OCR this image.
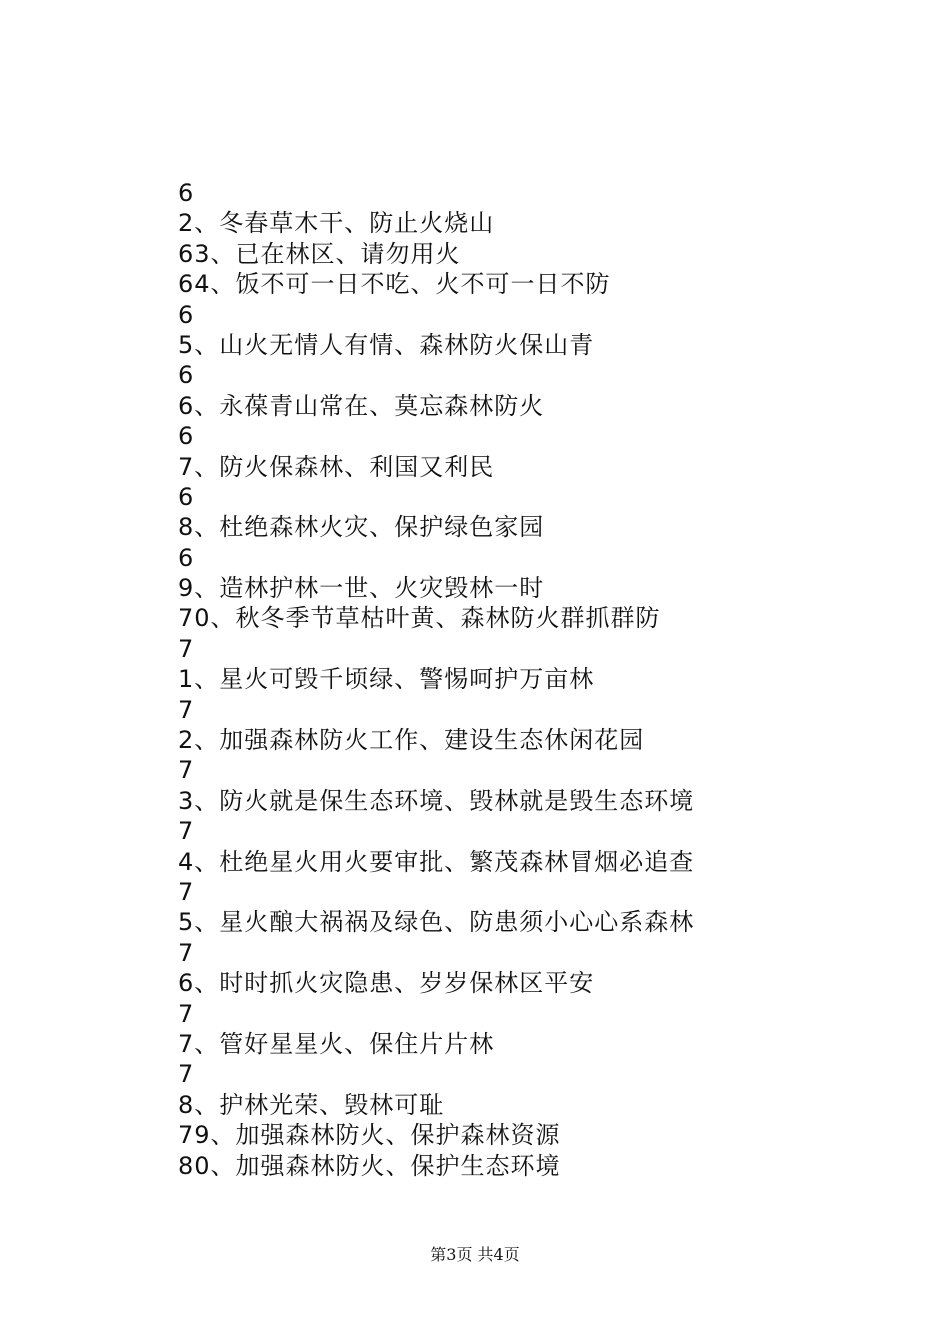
6
2、冬春草木干、防止火烧山
63、已在林区、请勿用火
64、饭不可一日不吃、火不可一日不防
6
5、山火无情人有情、森林防火保山青
6
6、永葆青山常在、莫忘森林防火
6
7、防火保森林、利国又利民
6
8、杜绝森林火灾、保护绿色家园
6
9、造林护林一世、火灾毁林一时
70、秋冬季节草枯叶黄、森林防火群抓群防
7
1、星火可毁千顷绿、警惕呵护万亩林
7
2、加强森林防火工作、建设生态休闲花园
7
3、防火就是保生态环境、毁林就是毁生态环境
7
4、杜绝星火用火要审批、繁茂森林冒烟必追查
7
5、星火酿大祸祸及绿色、防患须小心心系森林
7
6、时时抓火灾隐患、岁岁保林区平安
7
7、管好星星火、保住片片林
7
8、护林光荣、毁林可耻
79、加强森林防火、保护森林资源
80、加强森林防火、保护生态环境
第3页 共4页
